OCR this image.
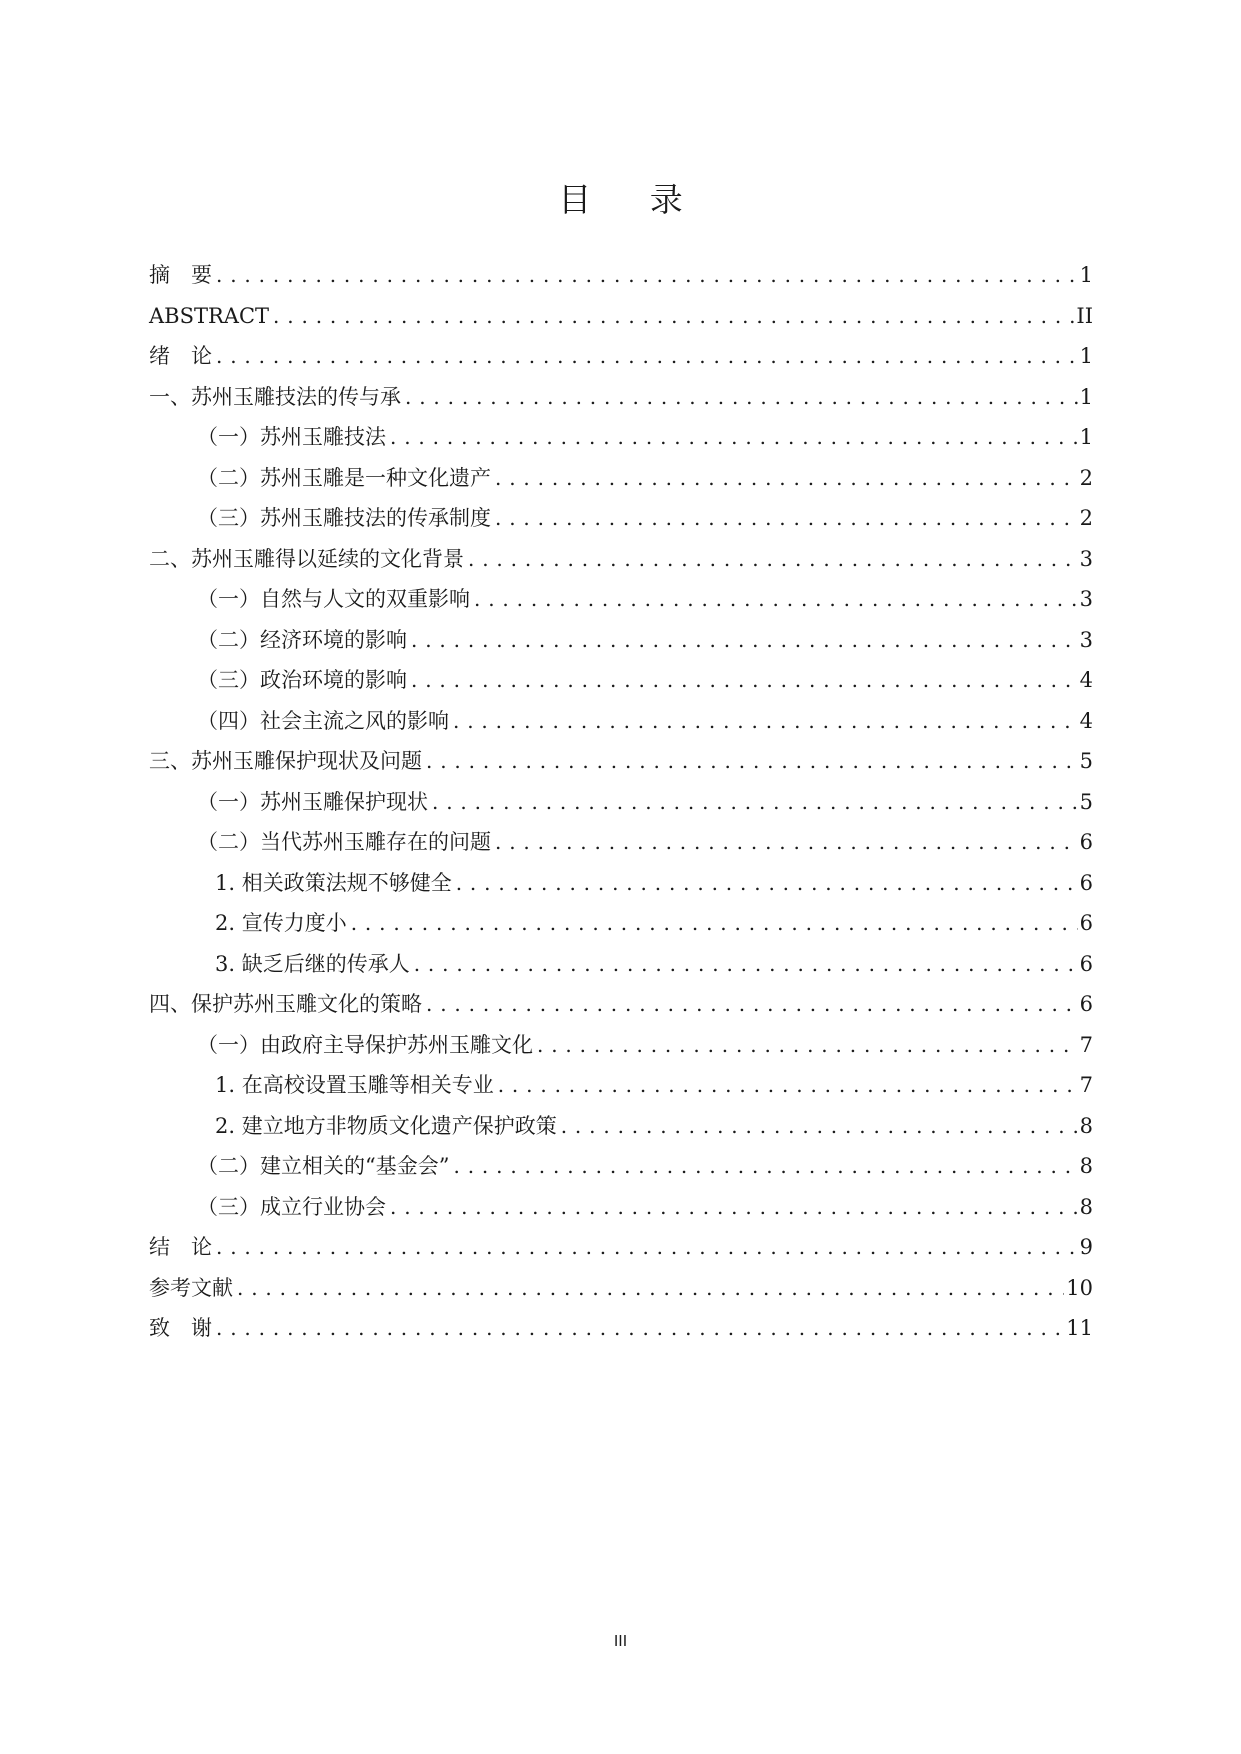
目 录
摘　要 . . .	1
ABSTRACT . . .	II
绪　论 . . .	1
一、苏州玉雕技法的传与承 . . .	1
（一）苏州玉雕技法 . . .	1
（二）苏州玉雕是一种文化遗产 . . .	2
（三）苏州玉雕技法的传承制度 . . .	2
二、苏州玉雕得以延续的文化背景 . . .	3
（一）自然与人文的双重影响 . . .	3
（二）经济环境的影响 . . .	3
（三）政治环境的影响 . . .	4
（四）社会主流之风的影响 . . .	4
三、苏州玉雕保护现状及问题 . . .	5
（一）苏州玉雕保护现状 . . .	5
（二）当代苏州玉雕存在的问题 . . .	6
1. 相关政策法规不够健全 . . .	6
2. 宣传力度小 . . .	6
3. 缺乏后继的传承人 . . .	6
四、保护苏州玉雕文化的策略 . . .	6
（一）由政府主导保护苏州玉雕文化 . . .	7
1. 在高校设置玉雕等相关专业 . . .	7
2. 建立地方非物质文化遗产保护政策 . . .	8
（二）建立相关的“基金会” . . .	8
（三）成立行业协会 . . .	8
结　论 . . .	9
参考文献 . . .	10
致　谢 . . .	11
III
